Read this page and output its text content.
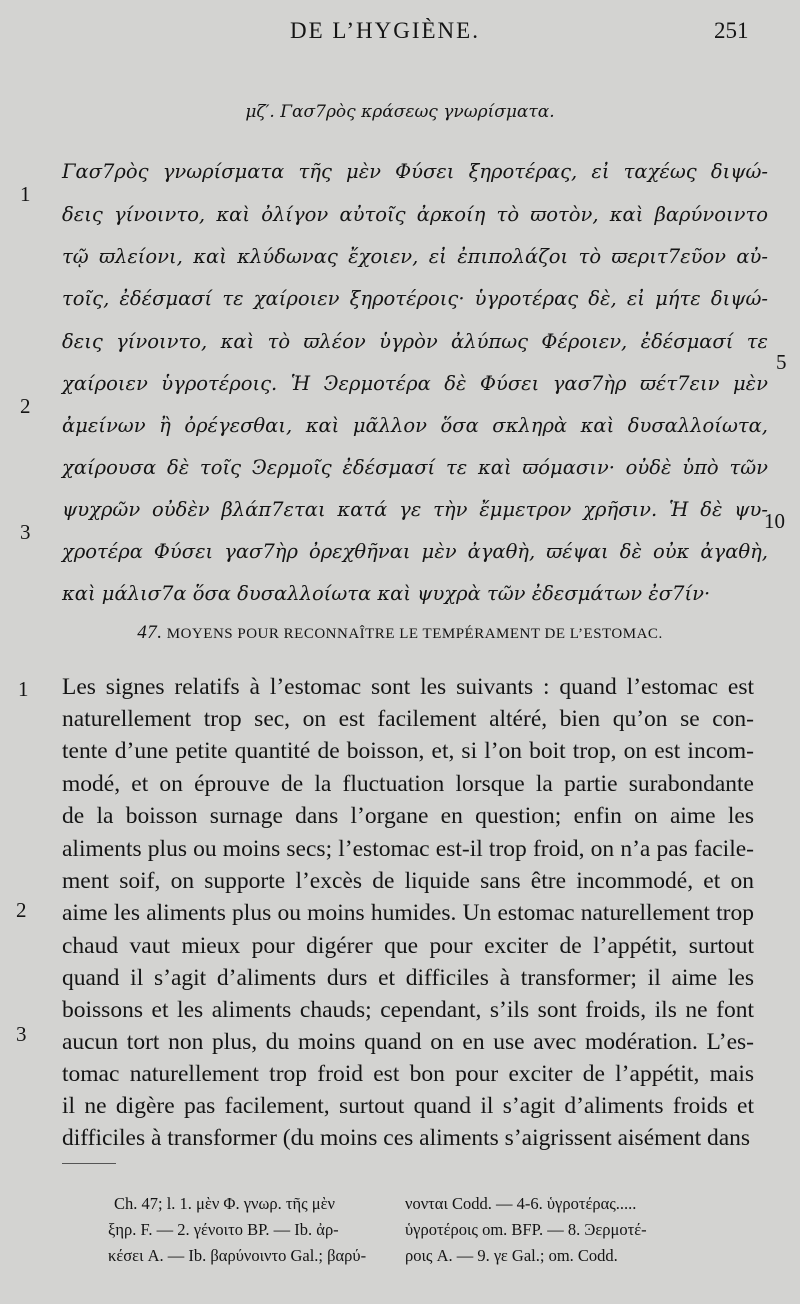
DE L’HYGIÈNE.	251
μζ′. Γασ7ρὸς κράσεως γνωρίσματα.
Γασ7ρὸς γνωρίσματα τῆς μὲν Φύσει ξηροτέρας, εἰ ταχέως διψώ-
δεις γίνοιντο, καὶ ὀλίγον αὐτοῖς ἀρκοίη τὸ ϖοτὸν, καὶ βαρύνοιντο
τῷ ϖλείονι, καὶ κλύδωνας ἔχοιεν, εἰ ἐπιπολάζοι τὸ ϖεριτ7εῦον αὐ-
τοῖς, ἐδέσμασί τε χαίροιεν ξηροτέροις· ὑγροτέρας δὲ, εἰ μήτε διψώ-
δεις γίνοιντο, καὶ τὸ ϖλέον ὑγρὸν ἀλύπως Φέροιεν, ἐδέσμασί τε
χαίροιεν ὑγροτέροις. Ἡ Ͽερμοτέρα δὲ Φύσει γασ7ὴρ ϖέτ7ειν μὲν
ἀμείνων ἢ ὀρέγεσθαι, καὶ μᾶλλον ὅσα σκληρὰ καὶ δυσαλλοίωτα,
χαίρουσα δὲ τοῖς Ͽερμοῖς ἐδέσμασί τε καὶ ϖόμασιν· οὐδὲ ὑπὸ τῶν
ψυχρῶν οὐδὲν βλάπ7εται κατά γε τὴν ἔμμετρον χρῆσιν. Ἡ δὲ ψυ-
χροτέρα Φύσει γασ7ὴρ ὀρεχθῆναι μὲν ἀγαθὴ, ϖέψαι δὲ οὐκ ἀγαθὴ,
καὶ μάλισ7α ὅσα δυσαλλοίωτα καὶ ψυχρὰ τῶν ἐδεσμάτων ἐσ7ίν·
1
2
3
5
10
47. MOYENS POUR RECONNAÎTRE LE TEMPÉRAMENT DE L’ESTOMAC.
Les signes relatifs à l’estomac sont les suivants : quand l’estomac est
naturellement trop sec, on est facilement altéré, bien qu’on se con-
tente d’une petite quantité de boisson, et, si l’on boit trop, on est incom-
modé, et on éprouve de la fluctuation lorsque la partie surabondante
de la boisson surnage dans l’organe en question; enfin on aime les
aliments plus ou moins secs; l’estomac est-il trop froid, on n’a pas facile-
ment soif, on supporte l’excès de liquide sans être incommodé, et on
aime les aliments plus ou moins humides. Un estomac naturellement trop
chaud vaut mieux pour digérer que pour exciter de l’appétit, surtout
quand il s’agit d’aliments durs et difficiles à transformer; il aime les
boissons et les aliments chauds; cependant, s’ils sont froids, ils ne font
aucun tort non plus, du moins quand on en use avec modération. L’es-
tomac naturellement trop froid est bon pour exciter de l’appétit, mais
il ne digère pas facilement, surtout quand il s’agit d’aliments froids et
difficiles à transformer (du moins ces aliments s’aigrissent aisément dans
1
2
3
Ch. 47; l. 1. μὲν Φ. γνωρ. τῆς μὲν
ξηρ. F. — 2. γένοιτο BP. — Ib. ἀρ-
κέσει A. — Ib. βαρύνοιντο Gal.; βαρύ-
νονται Codd. — 4-6. ὑγροτέρας.....
ὑγροτέροις om. BFP. — 8. Ͽερμοτέ-
ροις A. — 9. γε Gal.; om. Codd.
